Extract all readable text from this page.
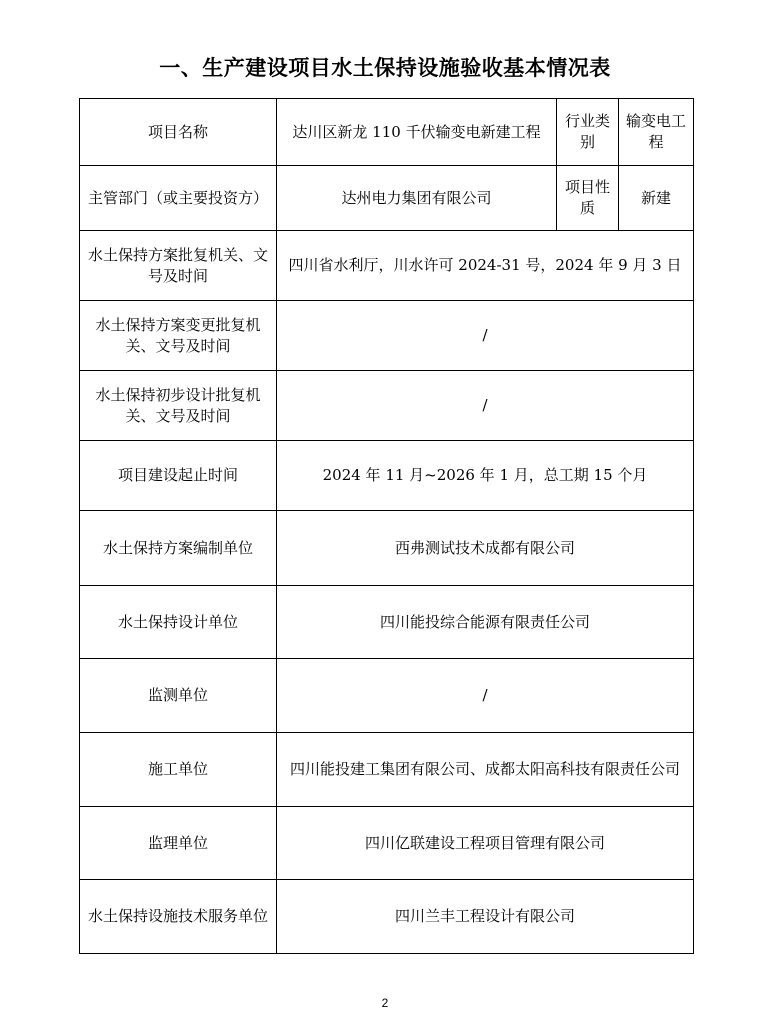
一、生产建设项目水土保持设施验收基本情况表
项目名称	达川区新龙 110 千伏输变电新建工程	行业类别	输变电工程
主管部门（或主要投资方）	达州电力集团有限公司	项目性质	新建
水土保持方案批复机关、文号及时间	四川省水利厅，川水许可 2024-31 号，2024 年 9 月 3 日		
水土保持方案变更批复机关、文号及时间	/		
水土保持初步设计批复机关、文号及时间	/		
项目建设起止时间	2024 年 11 月~2026 年 1 月，总工期 15 个月		
水土保持方案编制单位	西弗测试技术成都有限公司		
水土保持设计单位	四川能投综合能源有限责任公司		
监测单位	/		
施工单位	四川能投建工集团有限公司、成都太阳高科技有限责任公司		
监理单位	四川亿联建设工程项目管理有限公司		
水土保持设施技术服务单位	四川兰丰工程设计有限公司		
2
